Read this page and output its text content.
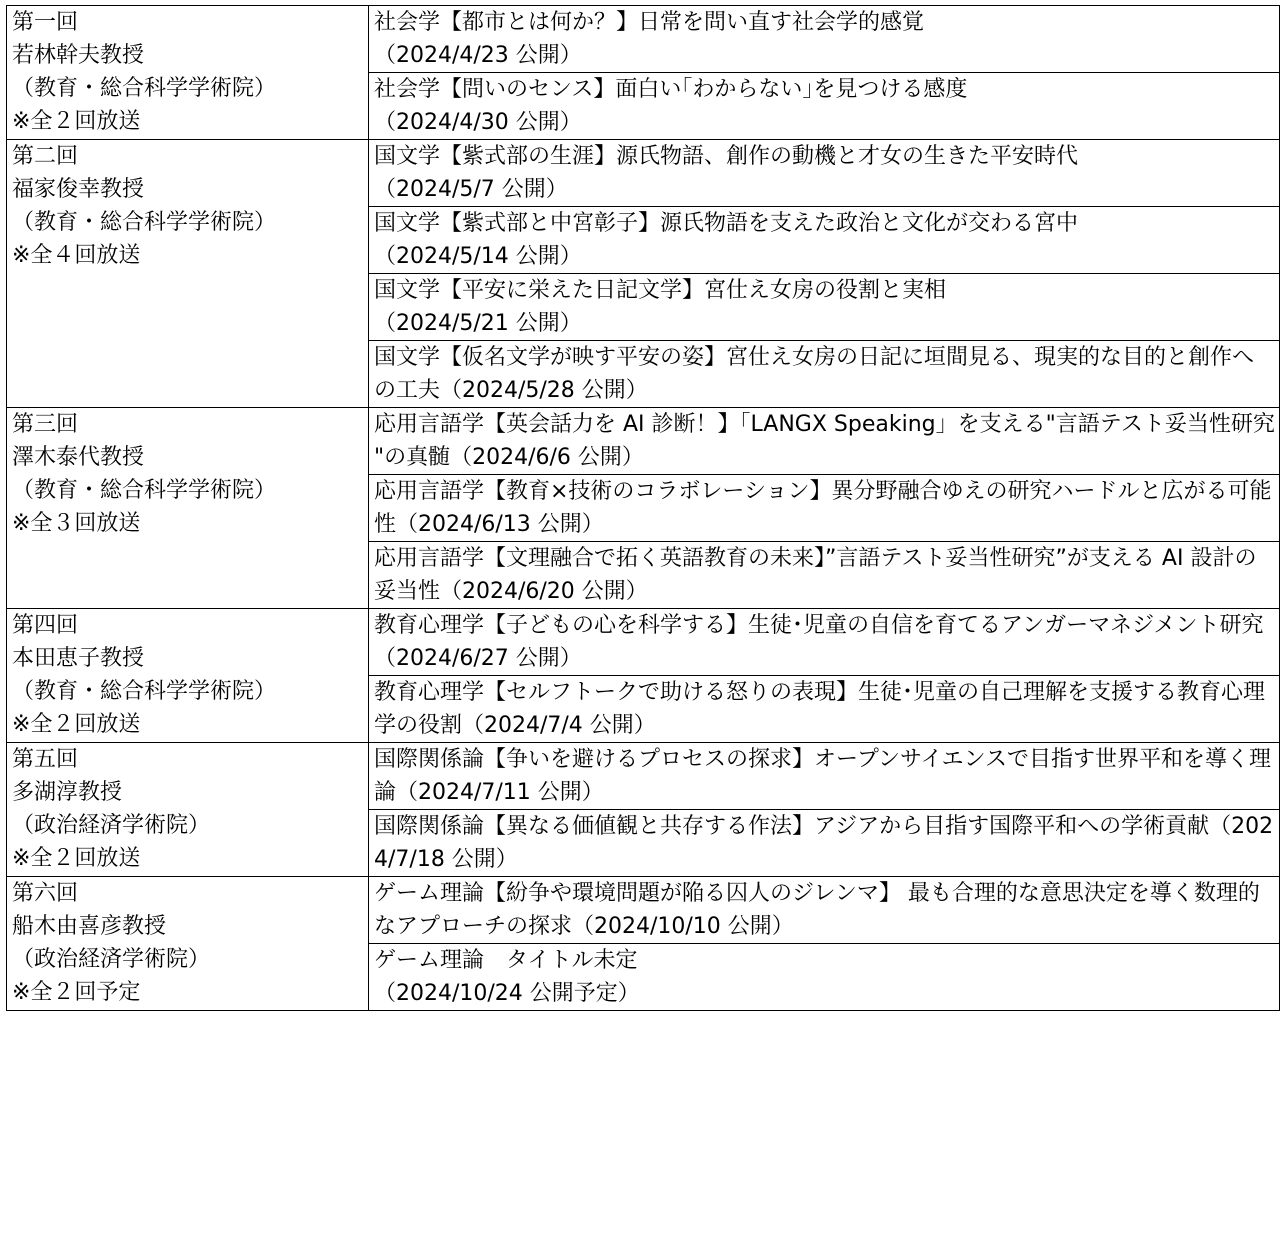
第一回
若林幹夫教授
（教育・総合科学学術院）
※全２回放送	社会学【都市とは何か？】日常を問い直す社会学的感覚
（2024/4/23 公開）

	社会学【問いのセンス】面白い｢わからない｣を見つける感度
（2024/4/30 公開）

第二回
福家俊幸教授
（教育・総合科学学術院）
※全４回放送	国文学【紫式部の生涯】源氏物語、創作の動機と才女の生きた平安時代
（2024/5/7 公開）

	国文学【紫式部と中宮彰子】源氏物語を支えた政治と文化が交わる宮中
（2024/5/14 公開）

	国文学【平安に栄えた日記文学】宮仕え女房の役割と実相
（2024/5/21 公開）

	国文学【仮名文学が映す平安の姿】宮仕え女房の日記に垣間見る、現実的な目的と創作への工夫（2024/5/28 公開）

第三回
澤木泰代教授
（教育・総合科学学術院）
※全３回放送	応用言語学【英会話力を AI 診断！】「LANGX Speaking」を支える"言語テスト妥当性研究"の真髄（2024/6/6 公開）

	応用言語学【教育×技術のコラボレーション】異分野融合ゆえの研究ハードルと広がる可能性（2024/6/13 公開）

	応用言語学【文理融合で拓く英語教育の未来】”言語テスト妥当性研究”が支える AI 設計の妥当性（2024/6/20 公開）

第四回
本田恵子教授
（教育・総合科学学術院）
※全２回放送	教育心理学【子どもの心を科学する】生徒･児童の自信を育てるアンガーマネジメント研究（2024/6/27 公開）

	教育心理学【セルフトークで助ける怒りの表現】生徒･児童の自己理解を支援する教育心理学の役割（2024/7/4 公開）

第五回
多湖淳教授
（政治経済学術院）
※全２回放送	国際関係論【争いを避けるプロセスの探求】オープンサイエンスで目指す世界平和を導く理論（2024/7/11 公開）

	国際関係論【異なる価値観と共存する作法】アジアから目指す国際平和への学術貢献（2024/7/18 公開）

第六回
船木由喜彦教授
（政治経済学術院）
※全２回予定	ゲーム理論【紛争や環境問題が陥る囚人のジレンマ】 最も合理的な意思決定を導く数理的なアプローチの探求（2024/10/10 公開）

	ゲーム理論　タイトル未定
（2024/10/24 公開予定）
